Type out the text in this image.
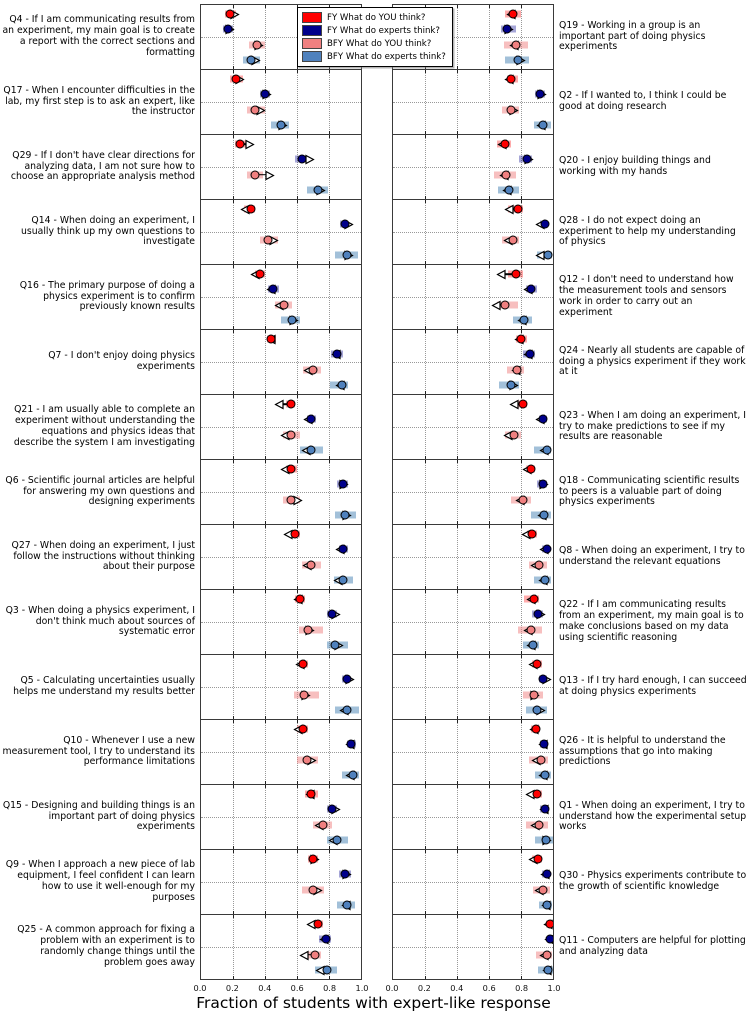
Q4 - If I am communicating results from an experiment, my main goal is to create a report with the correct sections and formatting
Q19 - Working in a group is an important part of doing physics experiments
Q17 - When I encounter difficulties in the lab, my first step is to ask an expert, like the instructor
Q2 - If I wanted to, I think I could be good at doing research
Q29 - If I don't have clear directions for analyzing data, I am not sure how to choose an appropriate analysis method
Q20 - I enjoy building things and working with my hands
Q14 - When doing an experiment, I usually think up my own questions to investigate
Q28 - I do not expect doing an experiment to help my understanding of physics
Q16 - The primary purpose of doing a physics experiment is to confirm previously known results
Q12 - I don't need to understand how the measurement tools and sensors work in order to carry out an experiment
Q7 - I don't enjoy doing physics experiments
Q24 - Nearly all students are capable of doing a physics experiment if they work at it
Q21 - I am usually able to complete an experiment without understanding the equations and physics ideas that describe the system I am investigating
Q23 - When I am doing an experiment, I try to make predictions to see if my results are reasonable
Q6 - Scientific journal articles are helpful for answering my own questions and designing experiments
Q18 - Communicating scientific results to peers is a valuable part of doing physics experiments
Q27 - When doing an experiment, I just follow the instructions without thinking about their purpose
Q8 - When doing an experiment, I try to understand the relevant equations
Q3 - When doing a physics experiment, I don't think much about sources of systematic error
Q22 - If I am communicating results from an experiment, my main goal is to make conclusions based on my data using scientific reasoning
Q5 - Calculating uncertainties usually helps me understand my results better
Q13 - If I try hard enough, I can succeed at doing physics experiments
Q10 - Whenever I use a new measurement tool, I try to understand its performance limitations
Q26 - It is helpful to understand the assumptions that go into making predictions
Q15 - Designing and building things is an important part of doing physics experiments
Q1 - When doing an experiment, I try to understand how the experimental setup works
Q9 - When I approach a new piece of lab equipment, I feel confident I can learn how to use it well-enough for my purposes
Q30 - Physics experiments contribute to the growth of scientific knowledge
Q25 - A common approach for fixing a problem with an experiment is to randomly change things until the problem goes away
Q11 - Computers are helpful for plotting and analyzing data
FY What do YOU think?
FY What do experts think?
BFY What do YOU think?
BFY What do experts think?
0.0 0.2 0.4 0.6 0.8 1.0 0.0 0.2 0.4 0.6 0.8 1.0
Fraction of students with expert-like response
